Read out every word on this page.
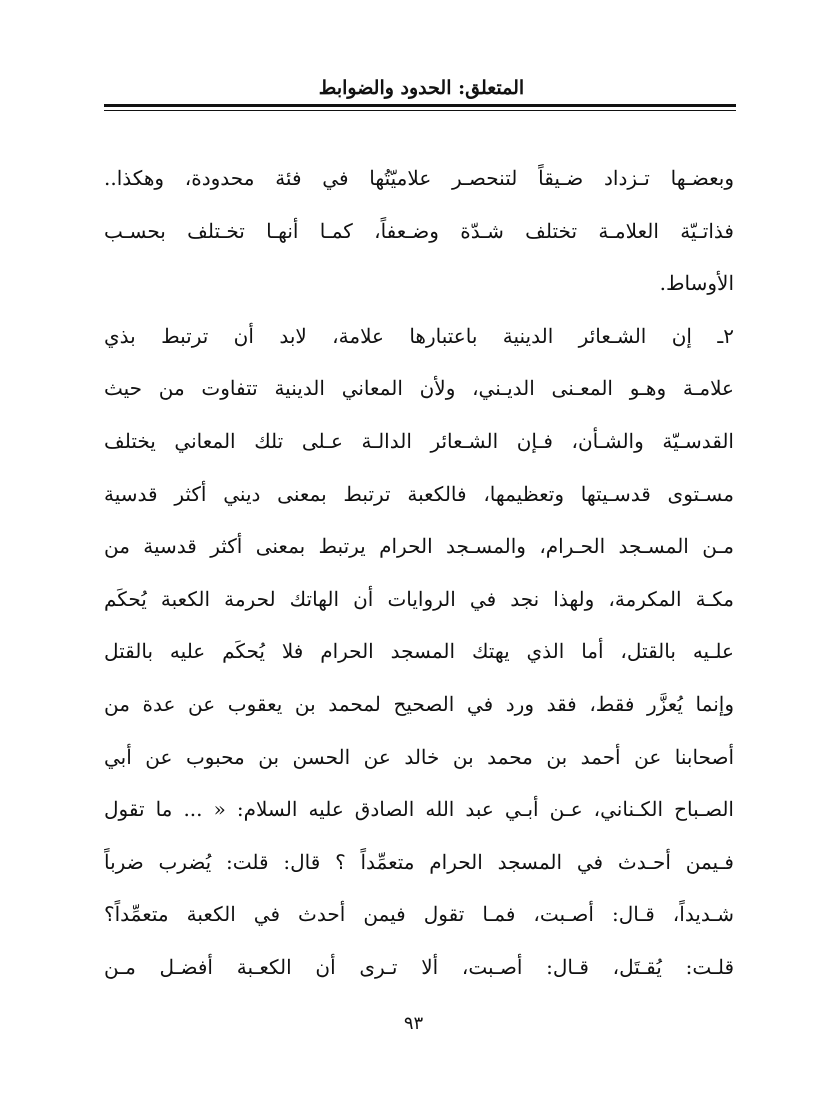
المتعلق: الحدود والضوابط
وبعضـها تـزداد ضـيقاً لتنحصـر علاميّتُها في فئة محدودة، وهكذا..
فذاتـيّة العلامـة تختلف شـدّة وضـعفاً، كمـا أنهـا تخـتلف بحسـب
الأوساط.
٢ـ إن الشـعائر الدينية باعتبارها علامة، لابد أن ترتبط بذي
علامـة وهـو المعـنى الديـني، ولأن المعاني الدينية تتفاوت من حيث
القدسـيّة والشـأن، فـإن الشـعائر الدالـة عـلى تلك المعاني يختلف
مسـتوى قدسـيتها وتعظيمها، فالكعبة ترتبط بمعنى ديني أكثر قدسية
مـن المسـجد الحـرام، والمسـجد الحرام يرتبط بمعنى أكثر قدسية من
مكـة المكرمة، ولهذا نجد في الروايات أن الهاتك لحرمة الكعبة يُحكَم
علـيه بالقتل، أما الذي يهتك المسجد الحرام فلا يُحكَم عليه بالقتل
وإنما يُعزَّر فقط، فقد ورد في الصحيح لمحمد بن يعقوب عن عدة من
أصحابنا عن أحمد بن محمد بن خالد عن الحسن بن محبوب عن أبي
الصـباح الكـناني، عـن أبـي عبد الله الصادق عليه السلام: « ... ما تقول
فـيمن أحـدث في المسجد الحرام متعمِّداً ؟ قال: قلت: يُضرب ضرباً
شـديداً، قـال: أصـبت، فمـا تقول فيمن أحدث في الكعبة متعمِّداً؟
قلـت: يُقـتَل، قـال: أصـبت، ألا تـرى أن الكعـبة أفضـل مـن
٩٣
